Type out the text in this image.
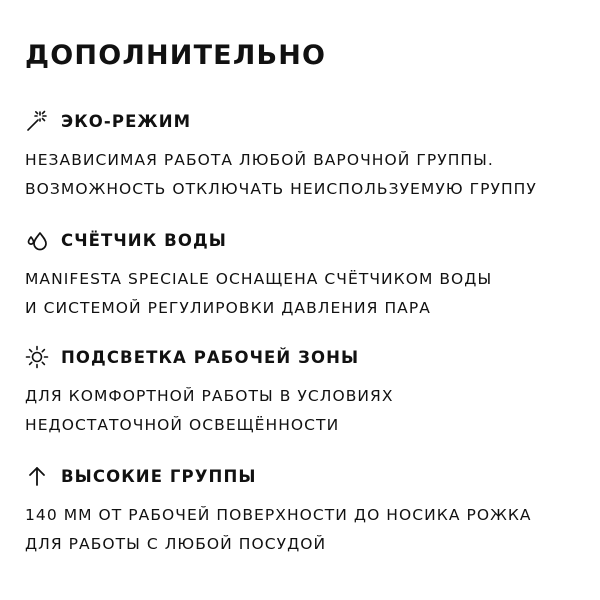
ДОПОЛНИТЕЛЬНО
ЭКО-РЕЖИМ
НЕЗАВИСИМАЯ РАБОТА ЛЮБОЙ ВАРОЧНОЙ ГРУППЫ.
ВОЗМОЖНОСТЬ ОТКЛЮЧАТЬ НЕИСПОЛЬЗУЕМУЮ ГРУППУ
СЧЁТЧИК ВОДЫ
MANIFESTA SPECIALE ОСНАЩЕНА СЧЁТЧИКОМ ВОДЫ
И СИСТЕМОЙ РЕГУЛИРОВКИ ДАВЛЕНИЯ ПАРА
ПОДСВЕТКА РАБОЧЕЙ ЗОНЫ
ДЛЯ КОМФОРТНОЙ РАБОТЫ В УСЛОВИЯХ
НЕДОСТАТОЧНОЙ ОСВЕЩЁННОСТИ
ВЫСОКИЕ ГРУППЫ
140 ММ ОТ РАБОЧЕЙ ПОВЕРХНОСТИ ДО НОСИКА РОЖКА
ДЛЯ РАБОТЫ С ЛЮБОЙ ПОСУДОЙ
